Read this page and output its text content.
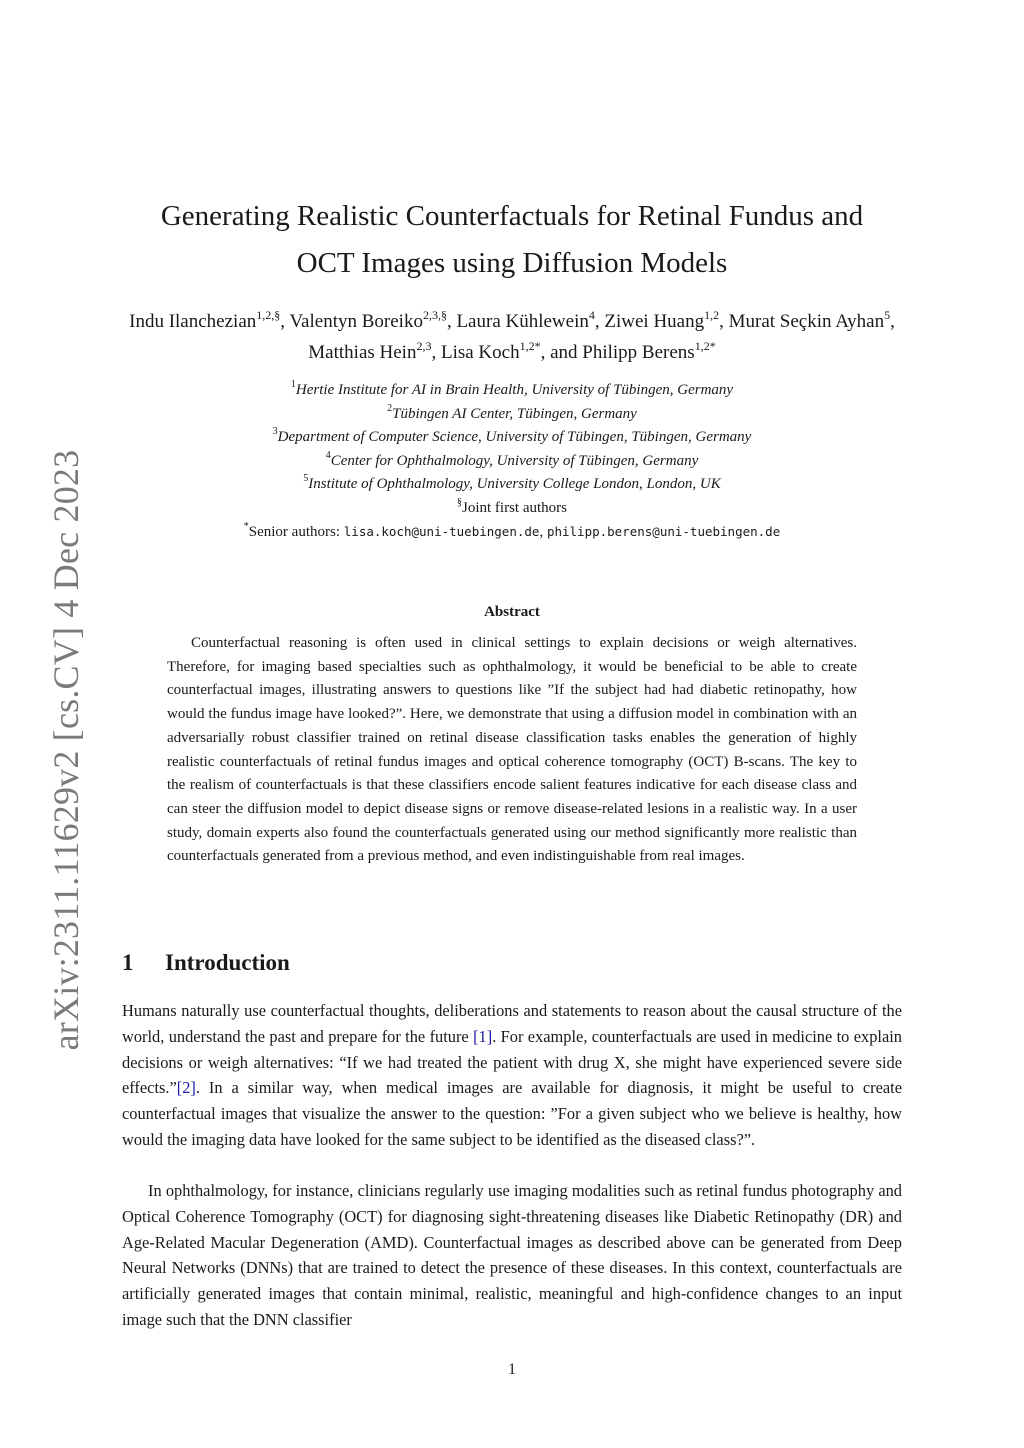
arXiv:2311.11629v2 [cs.CV] 4 Dec 2023
Generating Realistic Counterfactuals for Retinal Fundus and
OCT Images using Diffusion Models
Indu Ilanchezian$^{1,2,\S}$, Valentyn Boreiko$^{2,3,\S}$, Laura Kühlewein$^4$, Ziwei Huang$^{1,2}$, Murat Seçkin Ayhan$^5$, Matthias Hein$^{2,3}$, Lisa Koch$^{1,2*}$, and Philipp Berens$^{1,2*}$
$^1$Hertie Institute for AI in Brain Health, University of Tübingen, Germany
$^2$Tübingen AI Center, Tübingen, Germany
$^3$Department of Computer Science, University of Tübingen, Tübingen, Germany
$^4$Center for Ophthalmology, University of Tübingen, Germany
$^5$Institute of Ophthalmology, University College London, London, UK
§Joint first authors
*Senior authors: lisa.koch@uni-tuebingen.de, philipp.berens@uni-tuebingen.de
Abstract

Counterfactual reasoning is often used in clinical settings to explain decisions or weigh alternatives. Therefore, for imaging based specialties such as ophthalmology, it would be beneficial to be able to create counterfactual images, illustrating answers to questions like ”If the subject had had diabetic retinopathy, how would the fundus image have looked?”. Here, we demonstrate that using a diffusion model in combination with an adversarially robust classifier trained on retinal disease classification tasks enables the generation of highly realistic counterfactuals of retinal fundus images and optical coherence tomography (OCT) B-scans. The key to the realism of counterfactuals is that these classifiers encode salient features indicative for each disease class and can steer the diffusion model to depict disease signs or remove disease-related lesions in a realistic way. In a user study, domain experts also found the counterfactuals generated using our method significantly more realistic than counterfactuals generated from a previous method, and even indistinguishable from real images.

1 Introduction

Humans naturally use counterfactual thoughts, deliberations and statements to reason about the causal structure of the world, understand the past and prepare for the future [1]. For example, counterfactuals are used in medicine to explain decisions or weigh alternatives: “If we had treated the patient with drug X, she might have experienced severe side effects.”[2]. In a similar way, when medical images are available for diagnosis, it might be useful to create counterfactual images that visualize the answer to the question: ”For a given subject who we believe is healthy, how would the imaging data have looked for the same subject to be identified as the diseased class?”.

In ophthalmology, for instance, clinicians regularly use imaging modalities such as retinal fundus photography and Optical Coherence Tomography (OCT) for diagnosing sight-threatening diseases like Diabetic Retinopathy (DR) and Age-Related Macular Degeneration (AMD). Counterfactual images as described above can be generated from Deep Neural Networks (DNNs) that are trained to detect the presence of these diseases. In this context, counterfactuals are artificially generated images that contain minimal, realistic, meaningful and high-confidence changes to an input image such that the DNN classifier

1
